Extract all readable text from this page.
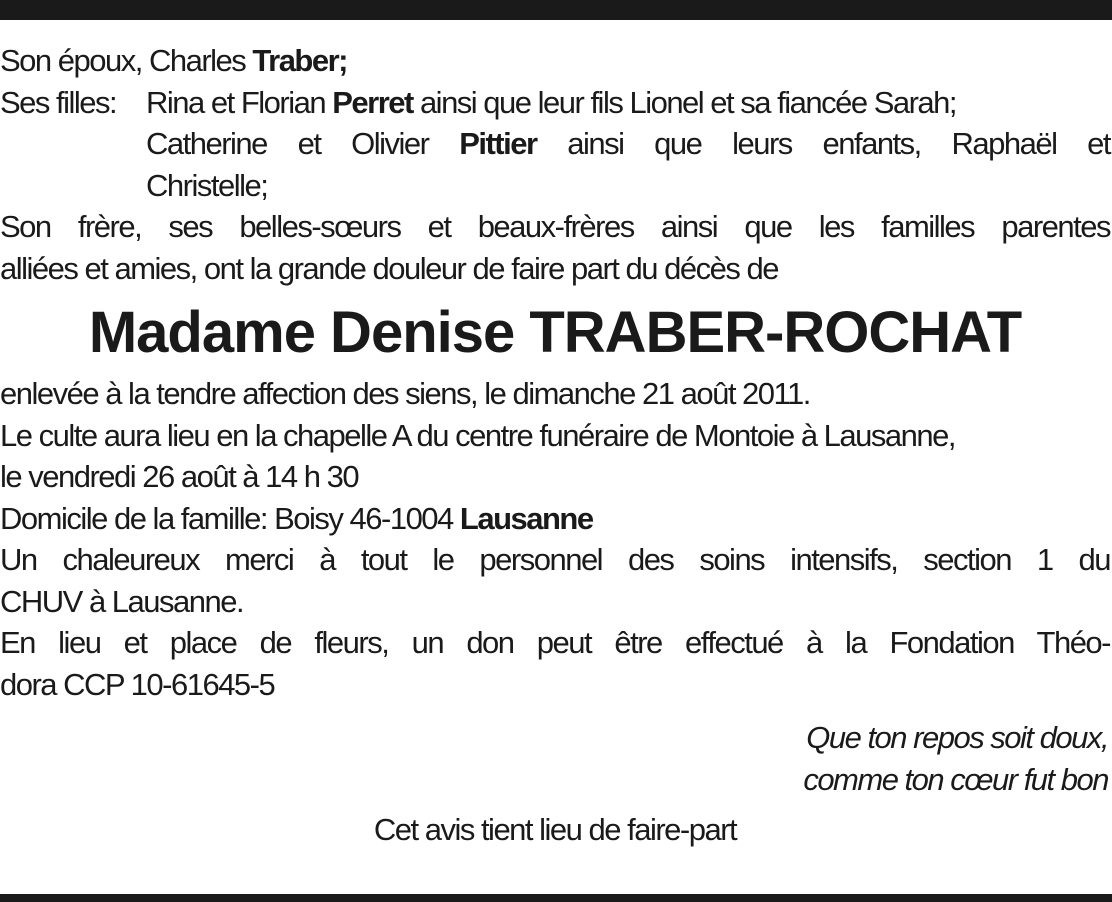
Son époux, Charles Traber;
Ses filles: Rina et Florian Perret ainsi que leur fils Lionel et sa fiancée Sarah;
Catherine et Olivier Pittier ainsi que leurs enfants, Raphaël et
Christelle;
Son frère, ses belles-sœurs et beaux-frères ainsi que les familles parentes
alliées et amies, ont la grande douleur de faire part du décès de
Madame Denise TRABER-ROCHAT
enlevée à la tendre affection des siens, le dimanche 21 août 2011.
Le culte aura lieu en la chapelle A du centre funéraire de Montoie à Lausanne,
le vendredi 26 août à 14 h 30
Domicile de la famille: Boisy 46-1004 Lausanne
Un chaleureux merci à tout le personnel des soins intensifs, section 1 du
CHUV à Lausanne.
En lieu et place de fleurs, un don peut être effectué à la Fondation Théo-
dora CCP 10-61645-5
Que ton repos soit doux,
comme ton cœur fut bon
Cet avis tient lieu de faire-part
